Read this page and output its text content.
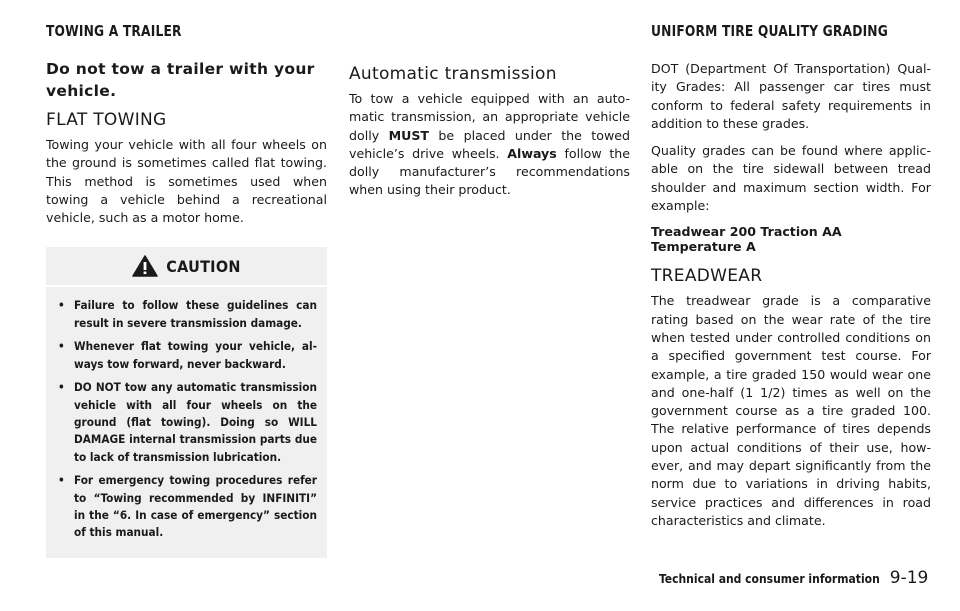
TOWING A TRAILER	UNIFORM TIRE QUALITY GRADING
Do not tow a trailer with your vehicle.
FLAT TOWING
Towing your vehicle with all four wheels on the ground is sometimes called flat towing. This method is sometimes used when towing a vehicle behind a recreational vehicle, such as a motor home.
CAUTION
• Failure to follow these guidelines can result in severe transmission damage.
• Whenever flat towing your vehicle, al- ways tow forward, never backward.
• DO NOT tow any automatic transmission vehicle with all four wheels on the ground (flat towing). Doing so WILL DAMAGE internal transmission parts due to lack of transmission lubrication.
• For emergency towing procedures refer to “Towing recommended by INFINITI” in the “6. In case of emergency” section of this manual.
Automatic transmission
To tow a vehicle equipped with an auto- matic transmission, an appropriate vehicle dolly MUST be placed under the towed vehicle’s drive wheels. Always follow the dolly manufacturer’s recommendations when using their product.
DOT (Department Of Transportation) Qual- ity Grades: All passenger car tires must conform to federal safety requirements in addition to these grades.
Quality grades can be found where applic- able on the tire sidewall between tread shoulder and maximum section width. For example:
Treadwear 200 Traction AA Temperature A
TREADWEAR
The treadwear grade is a comparative rating based on the wear rate of the tire when tested under controlled conditions on a specified government test course. For example, a tire graded 150 would wear one and one-half (1 1/2) times as well on the government course as a tire graded 100. The relative performance of tires depends upon actual conditions of their use, how- ever, and may depart significantly from the norm due to variations in driving habits, service practices and differences in road characteristics and climate.
Technical and consumer information 9-19
